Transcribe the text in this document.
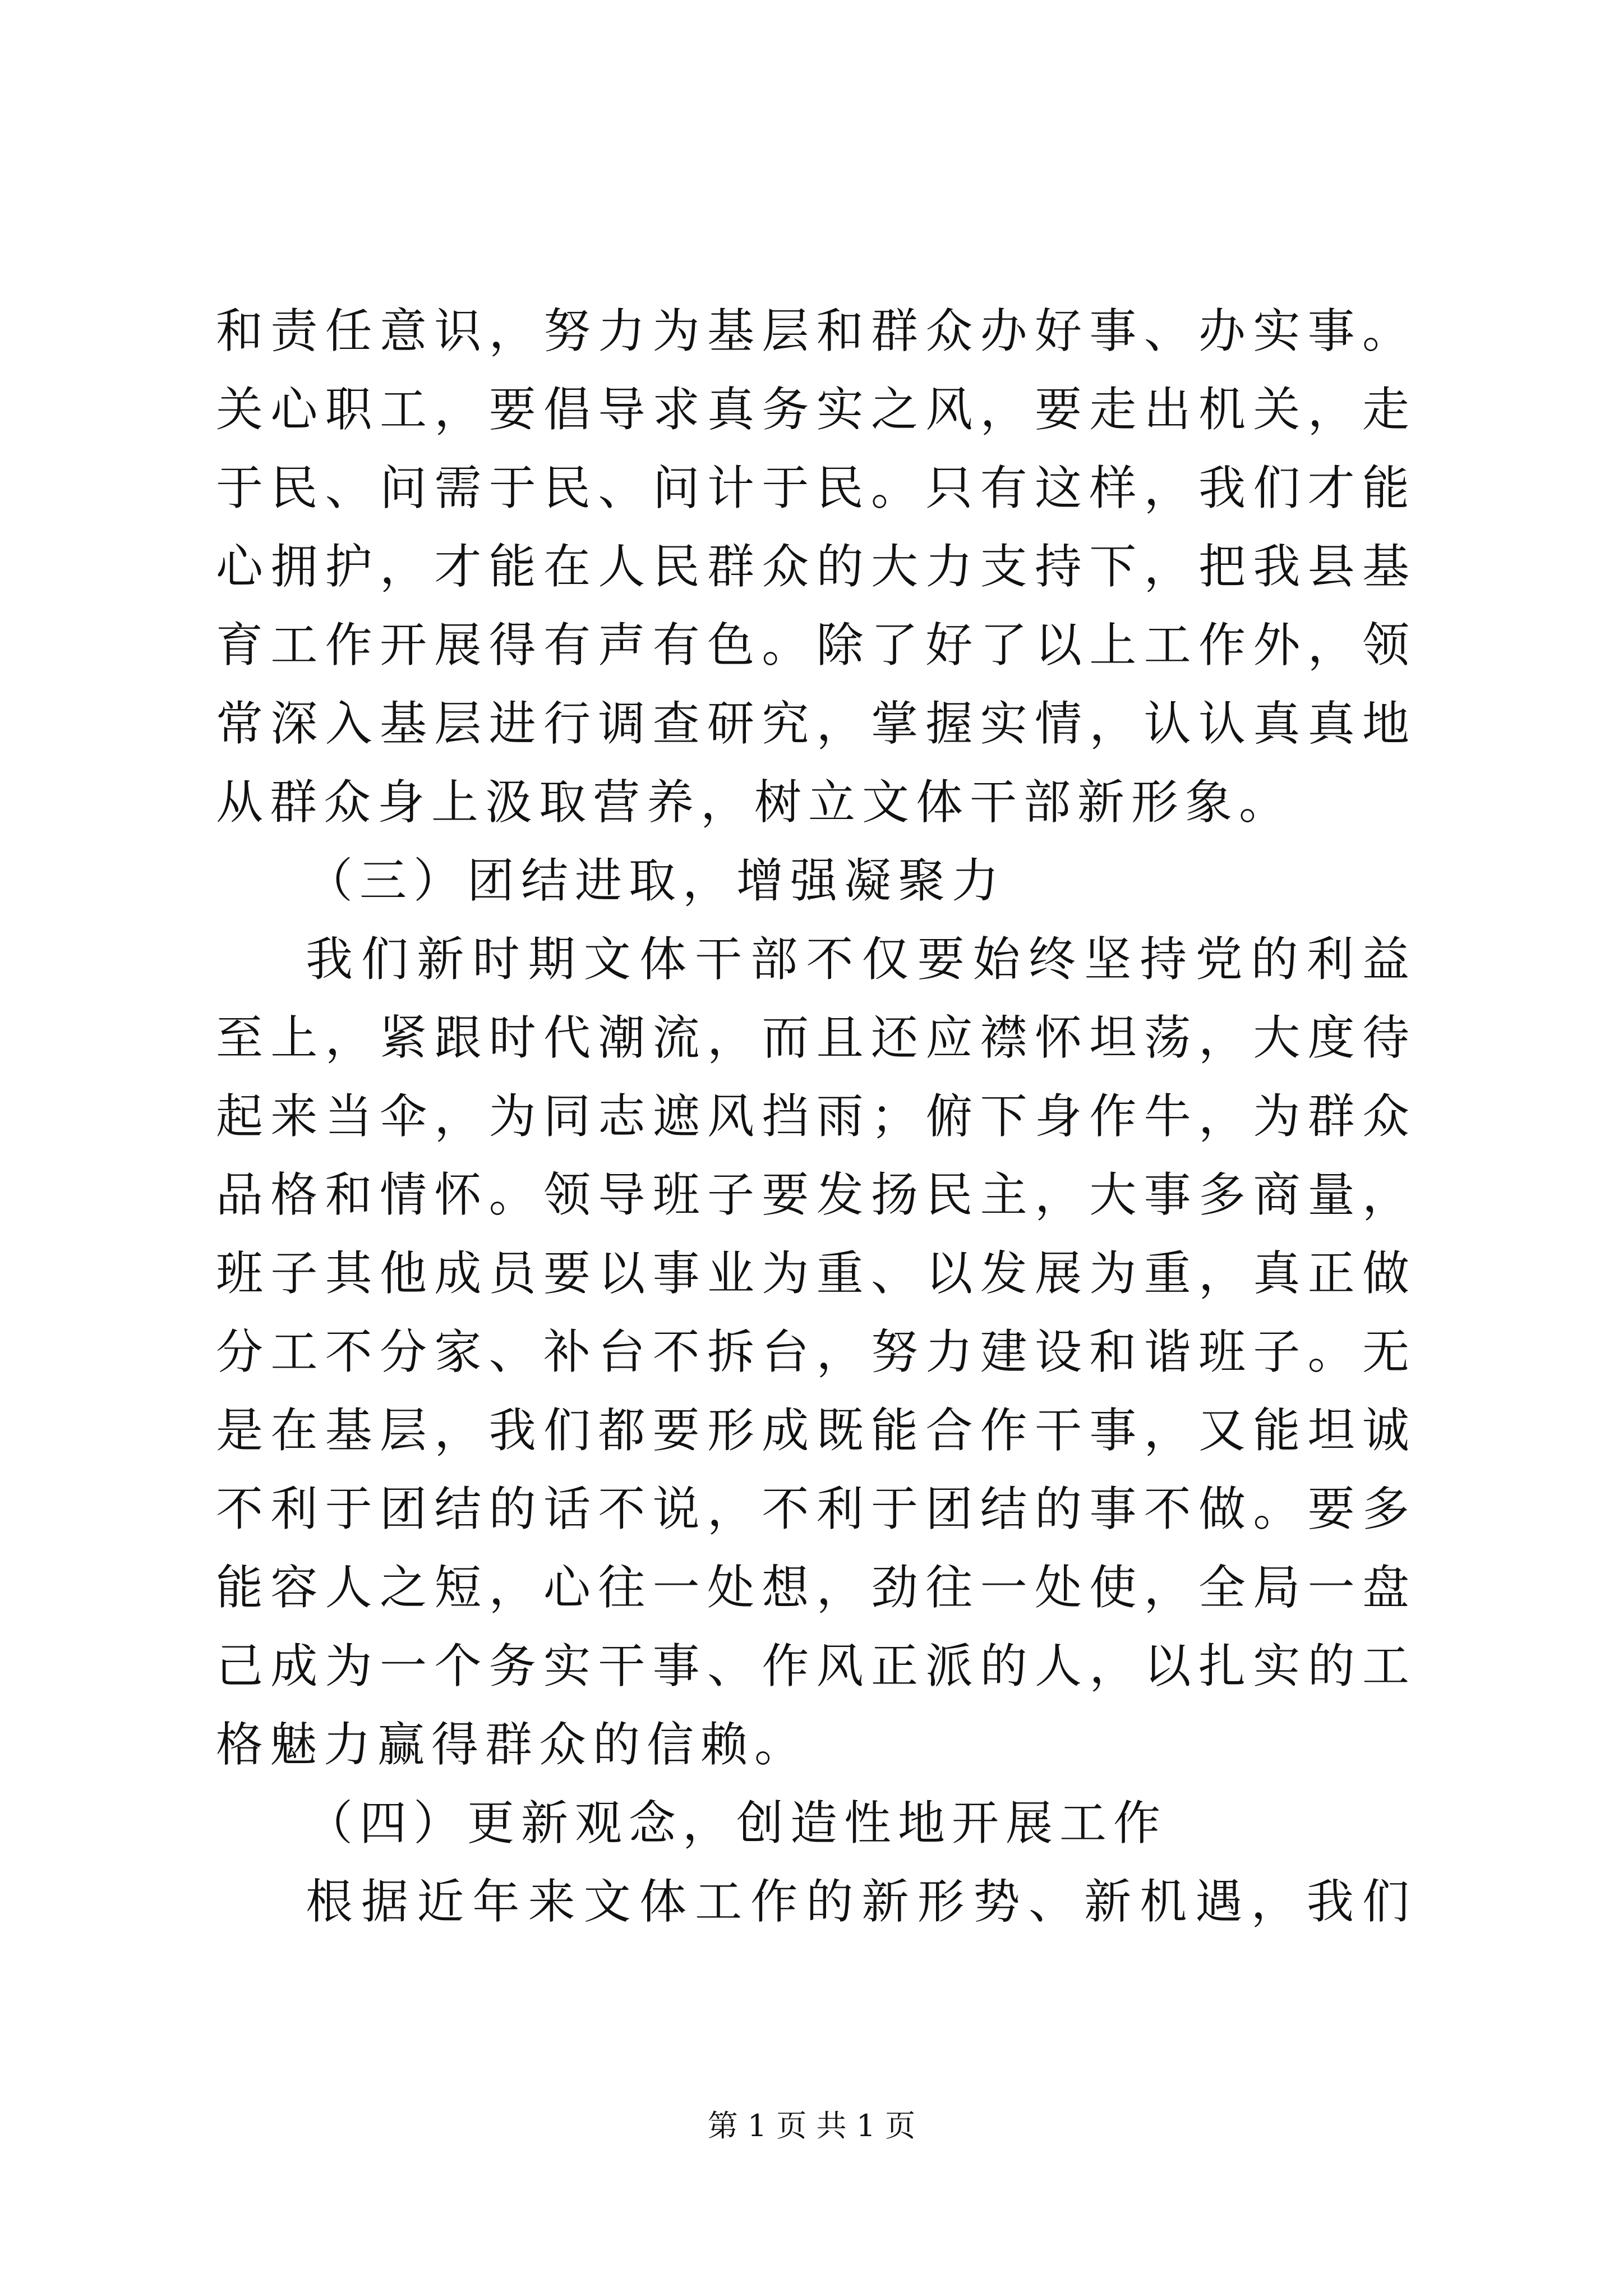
和责任意识，努力为基层和群众办好事、办实事。
关心职工，要倡导求真务实之风，要走出机关，走
于民、问需于民、问计于民。只有这样，我们才能
心拥护，才能在人民群众的大力支持下，把我县基
育工作开展得有声有色。除了好了以上工作外，领
常深入基层进行调查研究，掌握实情，认认真真地
从群众身上汲取营养，树立文体干部新形象。
（三）团结进取，增强凝聚力
我们新时期文体干部不仅要始终坚持党的利益
至上，紧跟时代潮流，而且还应襟怀坦荡，大度待
起来当伞，为同志遮风挡雨；俯下身作牛，为群众
品格和情怀。领导班子要发扬民主，大事多商量，
班子其他成员要以事业为重、以发展为重，真正做
分工不分家、补台不拆台，努力建设和谐班子。无
是在基层，我们都要形成既能合作干事，又能坦诚
不利于团结的话不说，不利于团结的事不做。要多
能容人之短，心往一处想，劲往一处使，全局一盘
己成为一个务实干事、作风正派的人，以扎实的工
格魅力赢得群众的信赖。
（四）更新观念，创造性地开展工作
根据近年来文体工作的新形势、新机遇，我们
第 1 页 共 1 页
